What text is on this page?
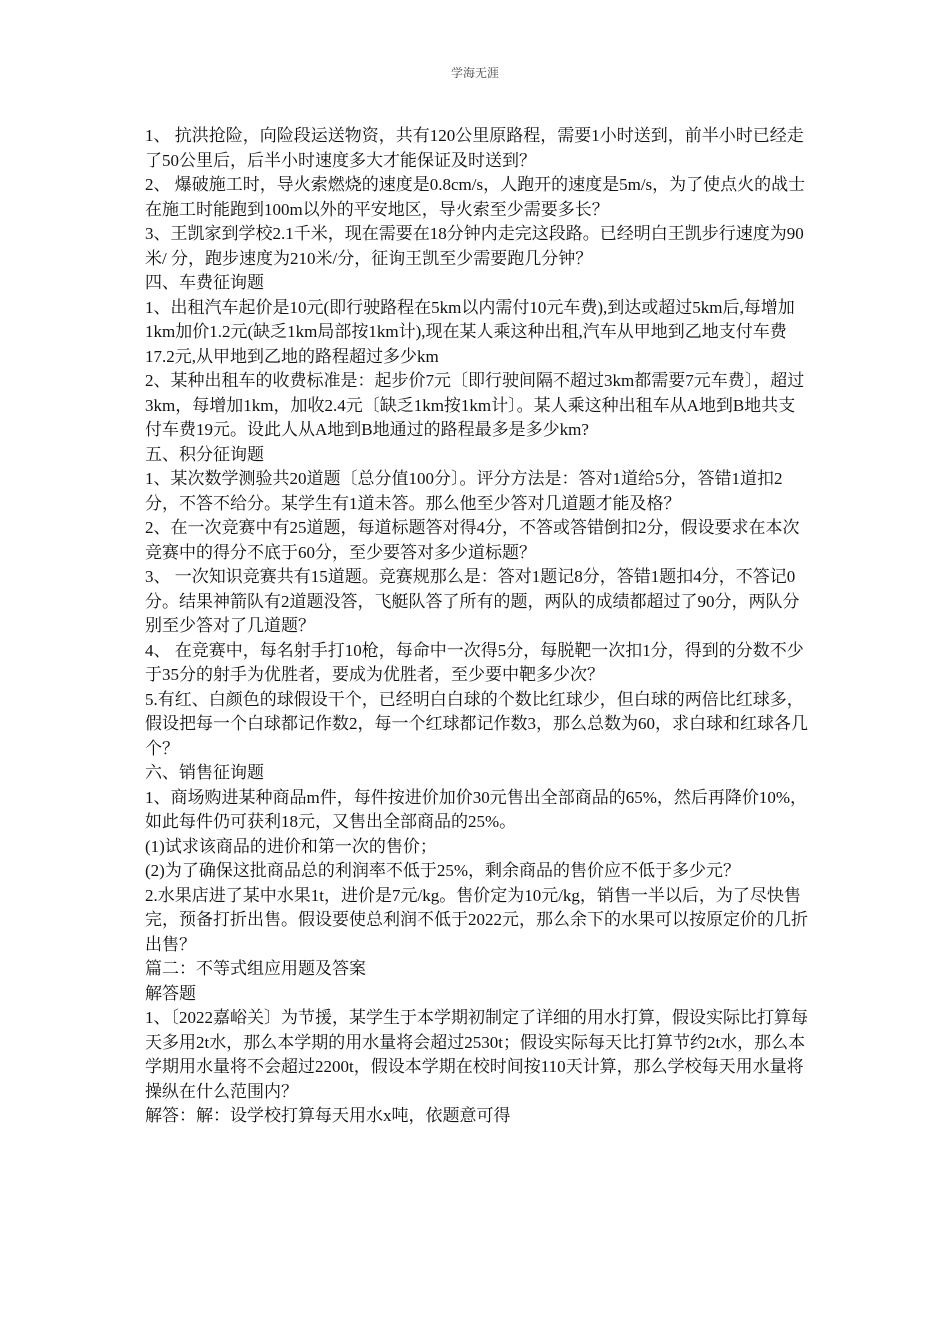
学海无涯

1、 抗洪抢险，向险段运送物资，共有120公里原路程，需要1小时送到，前半小时已经走了50公里后，后半小时速度多大才能保证及时送到？

2、 爆破施工时，导火索燃烧的速度是0.8cm/s，人跑开的速度是5m/s，为了使点火的战士在施工时能跑到100m以外的平安地区，导火索至少需要多长？

3、王凯家到学校2.1千米，现在需要在18分钟内走完这段路。已经明白王凯步行速度为90米/ 分，跑步速度为210米/分，征询王凯至少需要跑几分钟？

四、车费征询题

1、出租汽车起价是10元(即行驶路程在5km以内需付10元车费),到达或超过5km后,每增加1km加价1.2元(缺乏1km局部按1km计),现在某人乘这种出租,汽车从甲地到乙地支付车费17.2元,从甲地到乙地的路程超过多少km

2、某种出租车的收费标准是：起步价7元〔即行驶间隔不超过3km都需要7元车费〕，超过3km，每增加1km，加收2.4元〔缺乏1km按1km计〕。某人乘这种出租车从A地到B地共支付车费19元。设此人从A地到B地通过的路程最多是多少km?

五、积分征询题

1、某次数学测验共20道题〔总分值100分〕。评分方法是：答对1道给5分，答错1道扣2分，不答不给分。某学生有1道未答。那么他至少答对几道题才能及格？

2、在一次竞赛中有25道题，每道标题答对得4分，不答或答错倒扣2分，假设要求在本次竞赛中的得分不底于60分，至少要答对多少道标题？

3、 一次知识竞赛共有15道题。竞赛规那么是：答对1题记8分，答错1题扣4分，不答记0分。结果神箭队有2道题没答，飞艇队答了所有的题，两队的成绩都超过了90分，两队分别至少答对了几道题？

4、 在竞赛中，每名射手打10枪，每命中一次得5分，每脱靶一次扣1分，得到的分数不少于35分的射手为优胜者，要成为优胜者，至少要中靶多少次？

5.有红、白颜色的球假设干个，已经明白白球的个数比红球少，但白球的两倍比红球多，假设把每一个白球都记作数2，每一个红球都记作数3，那么总数为60，求白球和红球各几个？

六、销售征询题

1、商场购进某种商品m件，每件按进价加价30元售出全部商品的65%，然后再降价10%，如此每件仍可获利18元，又售出全部商品的25%。

(1)试求该商品的进价和第一次的售价；

(2)为了确保这批商品总的利润率不低于25%，剩余商品的售价应不低于多少元？

2.水果店进了某中水果1t，进价是7元/kg。售价定为10元/kg，销售一半以后，为了尽快售完，预备打折出售。假设要使总利润不低于2022元，那么余下的水果可以按原定价的几折出售？

篇二：不等式组应用题及答案

解答题

1、〔2022嘉峪关〕为节援，某学生于本学期初制定了详细的用水打算，假设实际比打算每天多用2t水，那么本学期的用水量将会超过2530t；假设实际每天比打算节约2t水，那么本学期用水量将不会超过2200t，假设本学期在校时间按110天计算，那么学校每天用水量将操纵在什么范围内？

解答：解：设学校打算每天用水x吨，依题意可得
